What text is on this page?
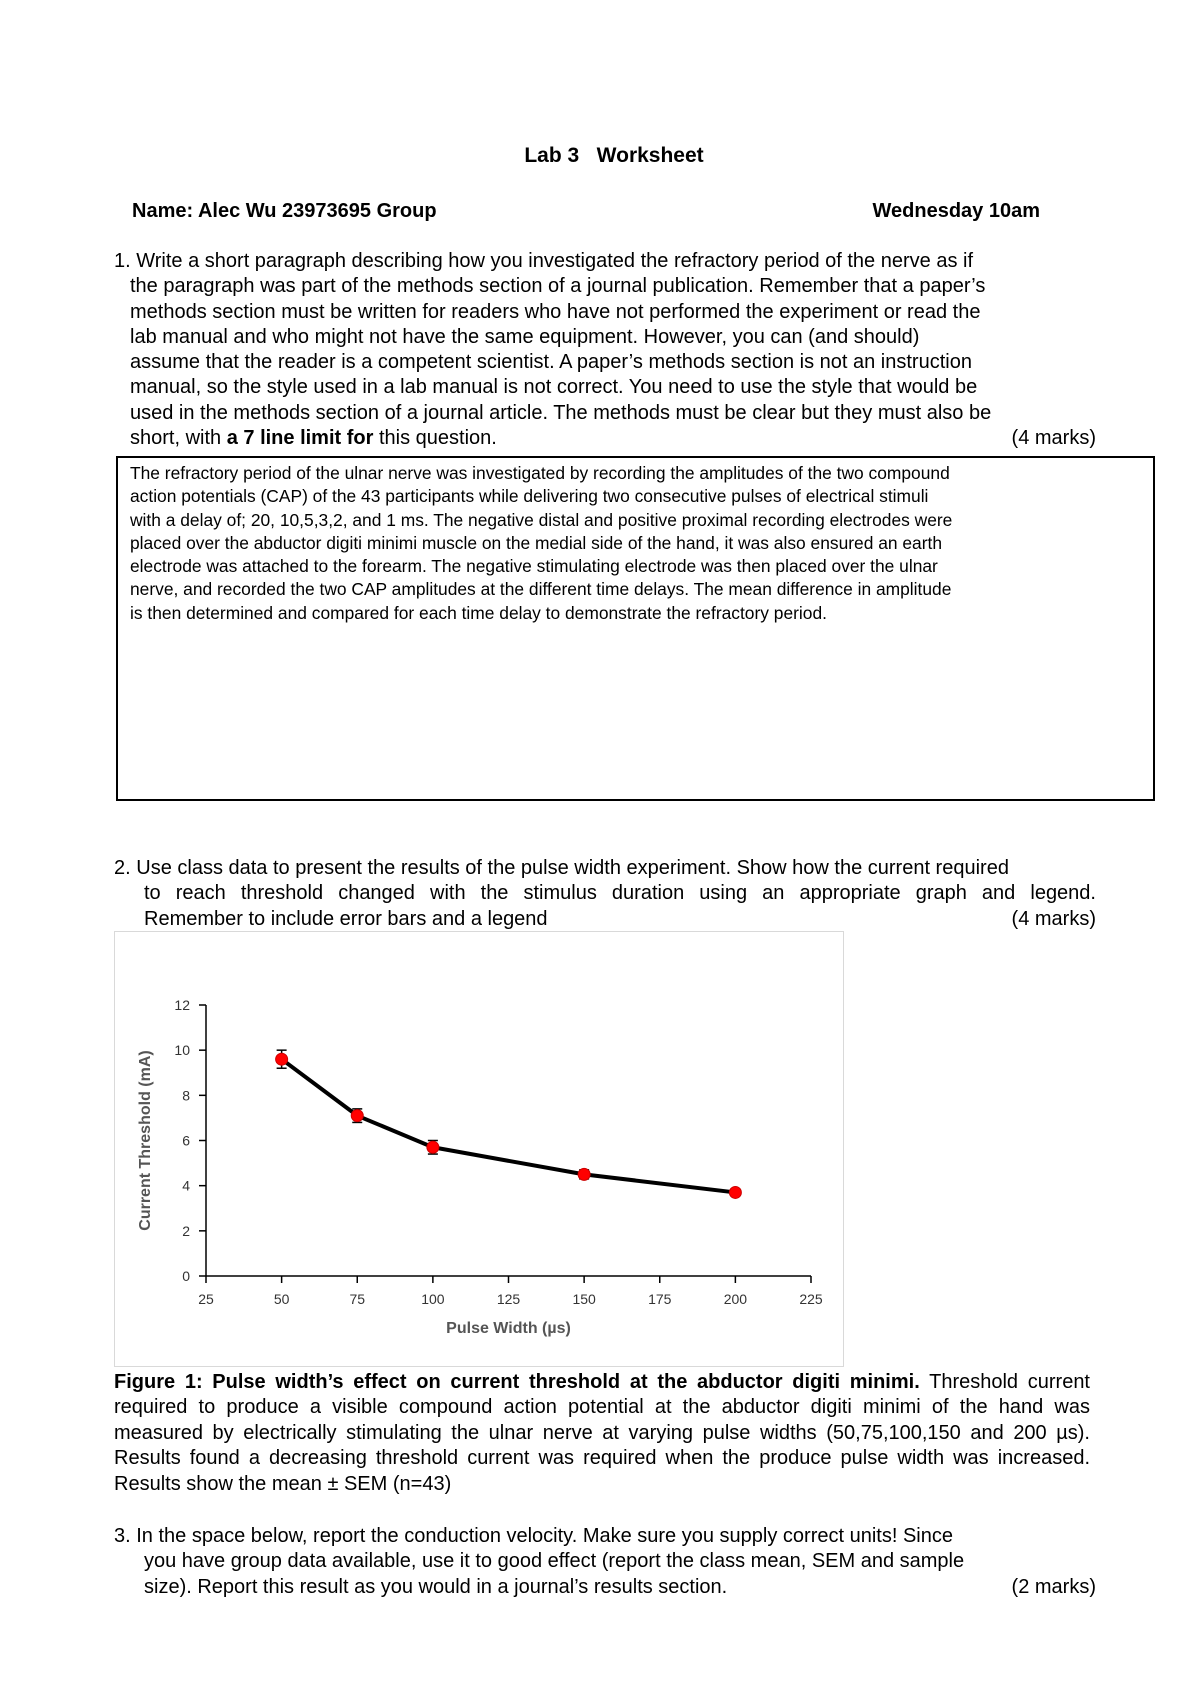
Lab 3   Worksheet
Name: Alec Wu 23973695 Group	Wednesday 10am
1. Write a short paragraph describing how you investigated the refractory period of the nerve as if
the paragraph was part of the methods section of a journal publication. Remember that a paper’s
methods section must be written for readers who have not performed the experiment or read the
lab manual and who might not have the same equipment. However, you can (and should)
assume that the reader is a competent scientist. A paper’s methods section is not an instruction
manual, so the style used in a lab manual is not correct. You need to use the style that would be
used in the methods section of a journal article. The methods must be clear but they must also be
short, with a 7 line limit for this question.	(4 marks)
The refractory period of the ulnar nerve was investigated by recording the amplitudes of the two compound
action potentials (CAP) of the 43 participants while delivering two consecutive pulses of electrical stimuli
with a delay of; 20, 10,5,3,2, and 1 ms. The negative distal and positive proximal recording electrodes were
placed over the abductor digiti minimi muscle on the medial side of the hand, it was also ensured an earth
electrode was attached to the forearm. The negative stimulating electrode was then placed over the ulnar
nerve, and recorded the two CAP amplitudes at the different time delays. The mean difference in amplitude
is then determined and compared for each time delay to demonstrate the refractory period.
2. Use class data to present the results of the pulse width experiment. Show how the current required
to reach threshold changed with the stimulus duration using an appropriate graph and legend.
Remember to include error bars and a legend	(4 marks)
25	50	75	100	125	150	175	200	225
0
2
4
6
8
10
12
Pulse Width (µs)
Current Threshold (mA)
Figure 1: Pulse width’s effect on current threshold at the abductor digiti minimi. Threshold current required to produce a visible compound action potential at the abductor digiti minimi of the hand was measured by electrically stimulating the ulnar nerve at varying pulse widths (50,75,100,150 and 200 µs). Results found a decreasing threshold current was required when the produce pulse width was increased. Results show the mean ± SEM (n=43)
3. In the space below, report the conduction velocity. Make sure you supply correct units! Since
you have group data available, use it to good effect (report the class mean, SEM and sample
size). Report this result as you would in a journal’s results section.	(2 marks)
